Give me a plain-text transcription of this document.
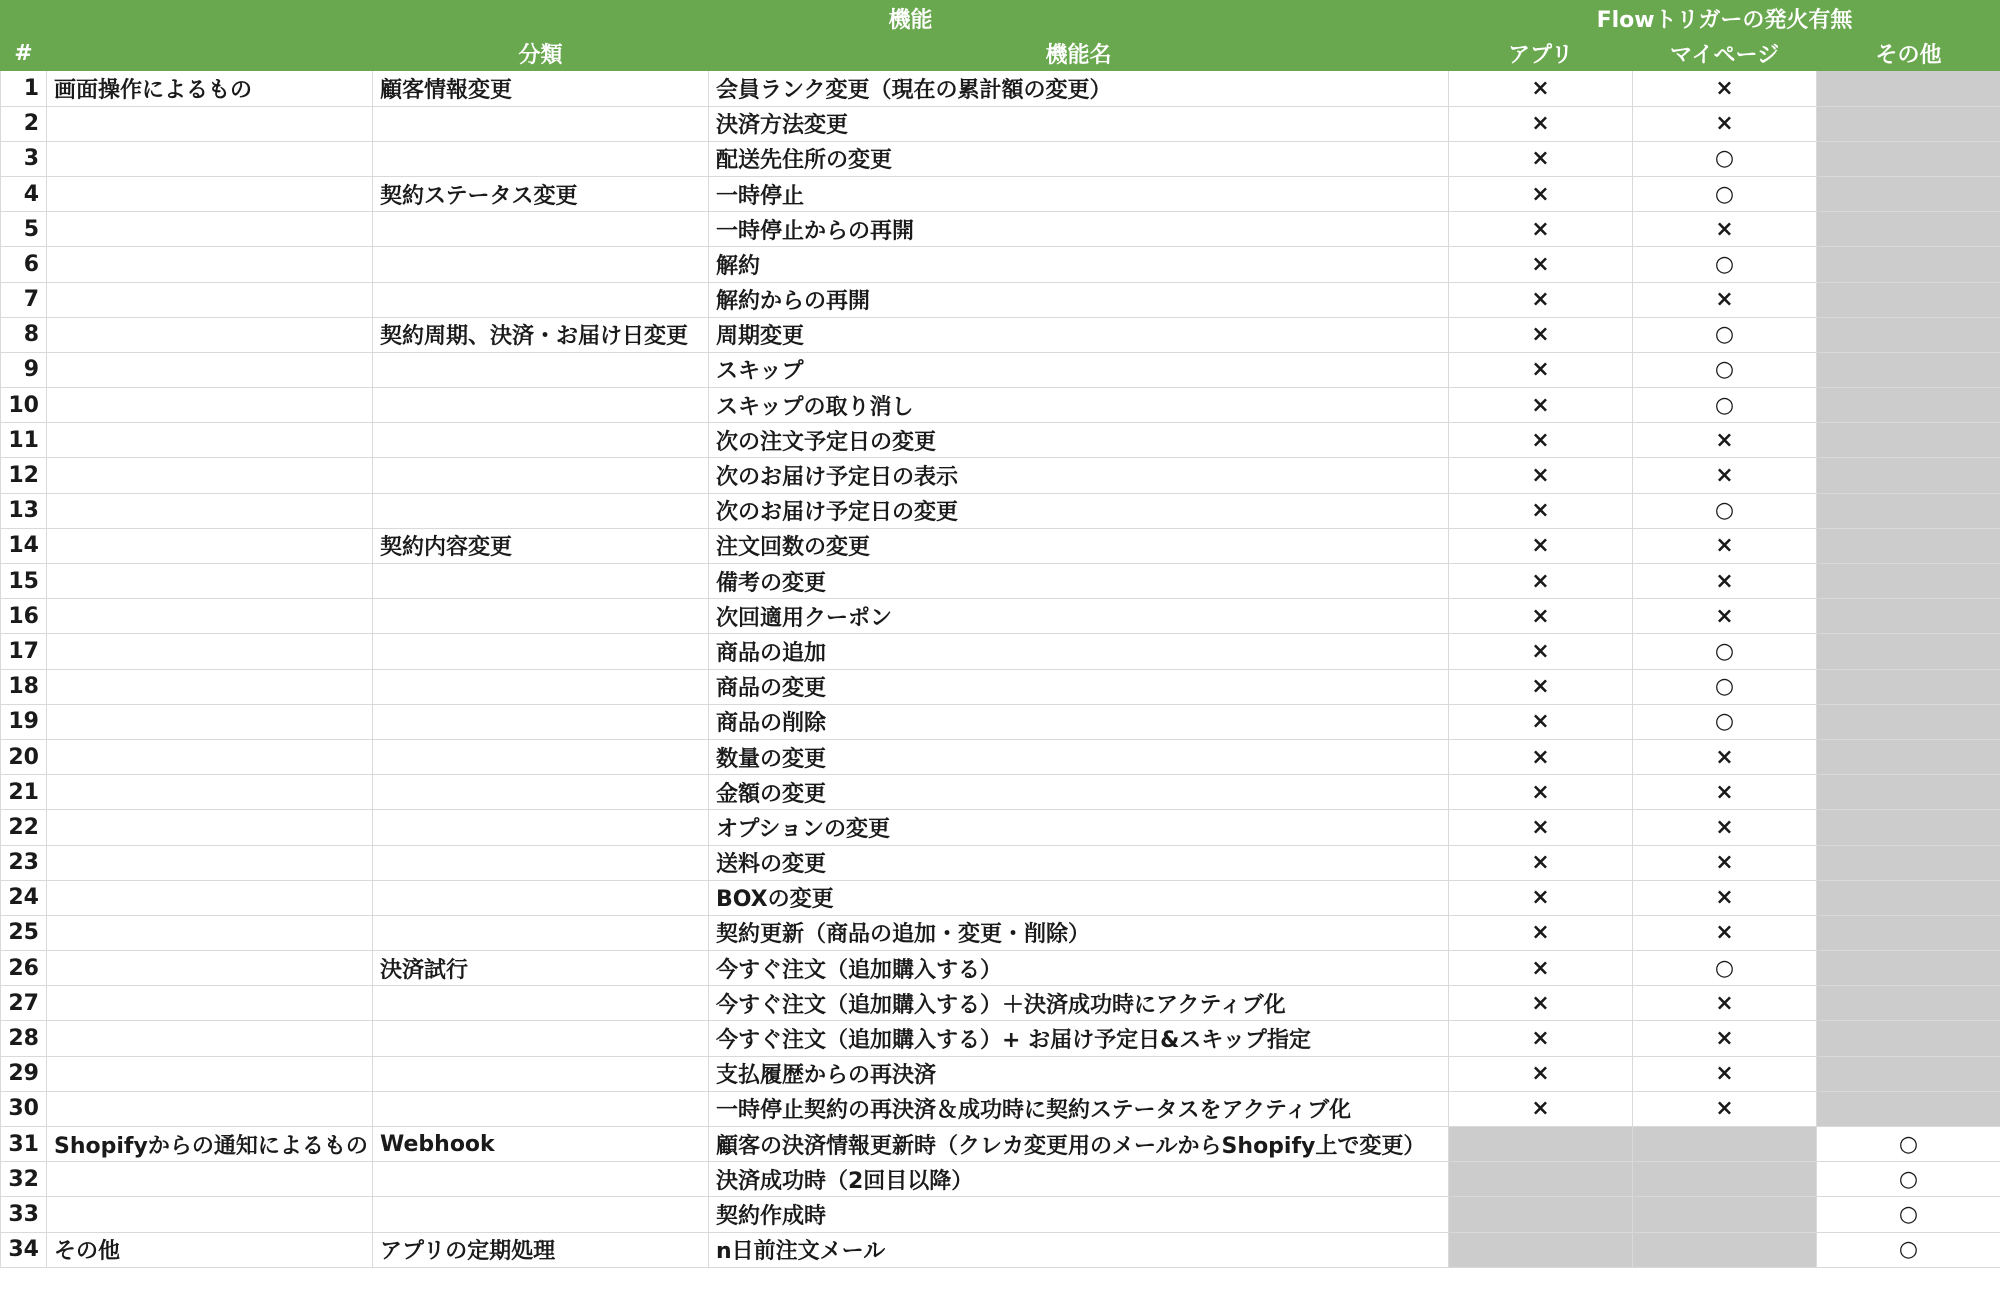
		機能		Flowトリガーの発火有無		
#		分類	機能名	アプリ	マイページ	その他
1	画面操作によるもの	顧客情報変更	会員ランク変更（現在の累計額の変更）	×	×	
2			決済方法変更	×	×	
3			配送先住所の変更	×	○	
4		契約ステータス変更	一時停止	×	○	
5			一時停止からの再開	×	×	
6			解約	×	○	
7			解約からの再開	×	×	
8		契約周期、決済・お届け日変更	周期変更	×	○	
9			スキップ	×	○	
10			スキップの取り消し	×	○	
11			次の注文予定日の変更	×	×	
12			次のお届け予定日の表示	×	×	
13			次のお届け予定日の変更	×	○	
14		契約内容変更	注文回数の変更	×	×	
15			備考の変更	×	×	
16			次回適用クーポン	×	×	
17			商品の追加	×	○	
18			商品の変更	×	○	
19			商品の削除	×	○	
20			数量の変更	×	×	
21			金額の変更	×	×	
22			オプションの変更	×	×	
23			送料の変更	×	×	
24			BOXの変更	×	×	
25			契約更新（商品の追加・変更・削除）	×	×	
26		決済試行	今すぐ注文（追加購入する）	×	○	
27			今すぐ注文（追加購入する）＋決済成功時にアクティブ化	×	×	
28			今すぐ注文（追加購入する）+ お届け予定日&スキップ指定	×	×	
29			支払履歴からの再決済	×	×	
30			一時停止契約の再決済＆成功時に契約ステータスをアクティブ化	×	×	
31	Shopifyからの通知によるもの	Webhook	顧客の決済情報更新時（クレカ変更用のメールからShopify上で変更）			○
32			決済成功時（2回目以降）			○
33			契約作成時			○
34	その他	アプリの定期処理	n日前注文メール			○
